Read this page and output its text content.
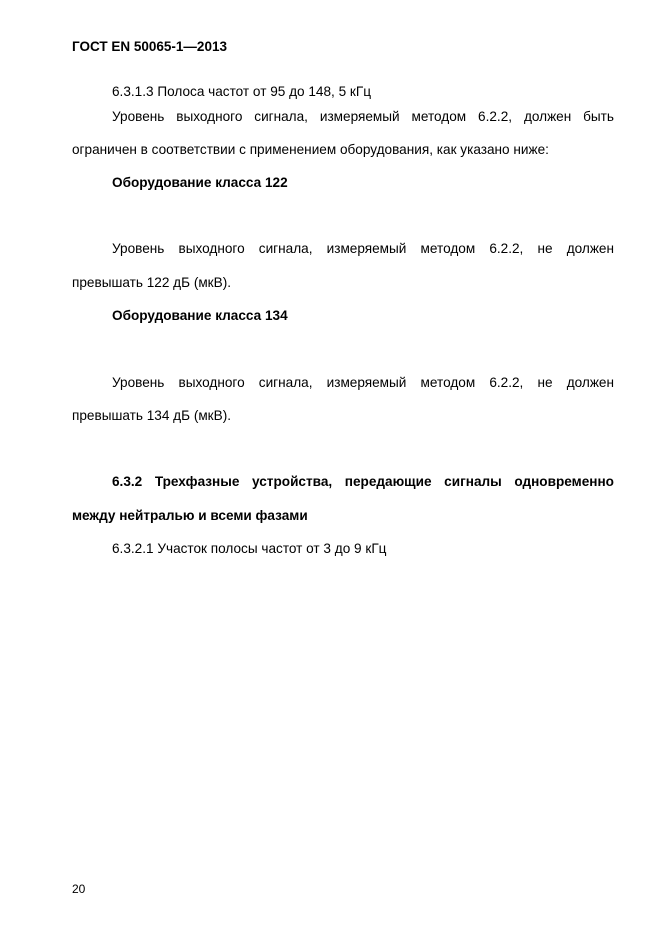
ГОСТ EN 50065-1—2013
6.3.1.3 Полоса частот от 95 до 148, 5 кГц
Уровень выходного сигнала, измеряемый методом 6.2.2, должен быть
ограничен в соответствии с применением оборудования, как указано ниже:
Оборудование класса 122
Уровень выходного сигнала, измеряемый методом 6.2.2, не должен
превышать 122 дБ (мкВ).
Оборудование класса 134
Уровень выходного сигнала, измеряемый методом 6.2.2, не должен
превышать 134 дБ (мкВ).
6.3.2 Трехфазные устройства, передающие сигналы одновременно
между нейтралью и всеми фазами
6.3.2.1 Участок полосы частот от 3 до 9 кГц
20
